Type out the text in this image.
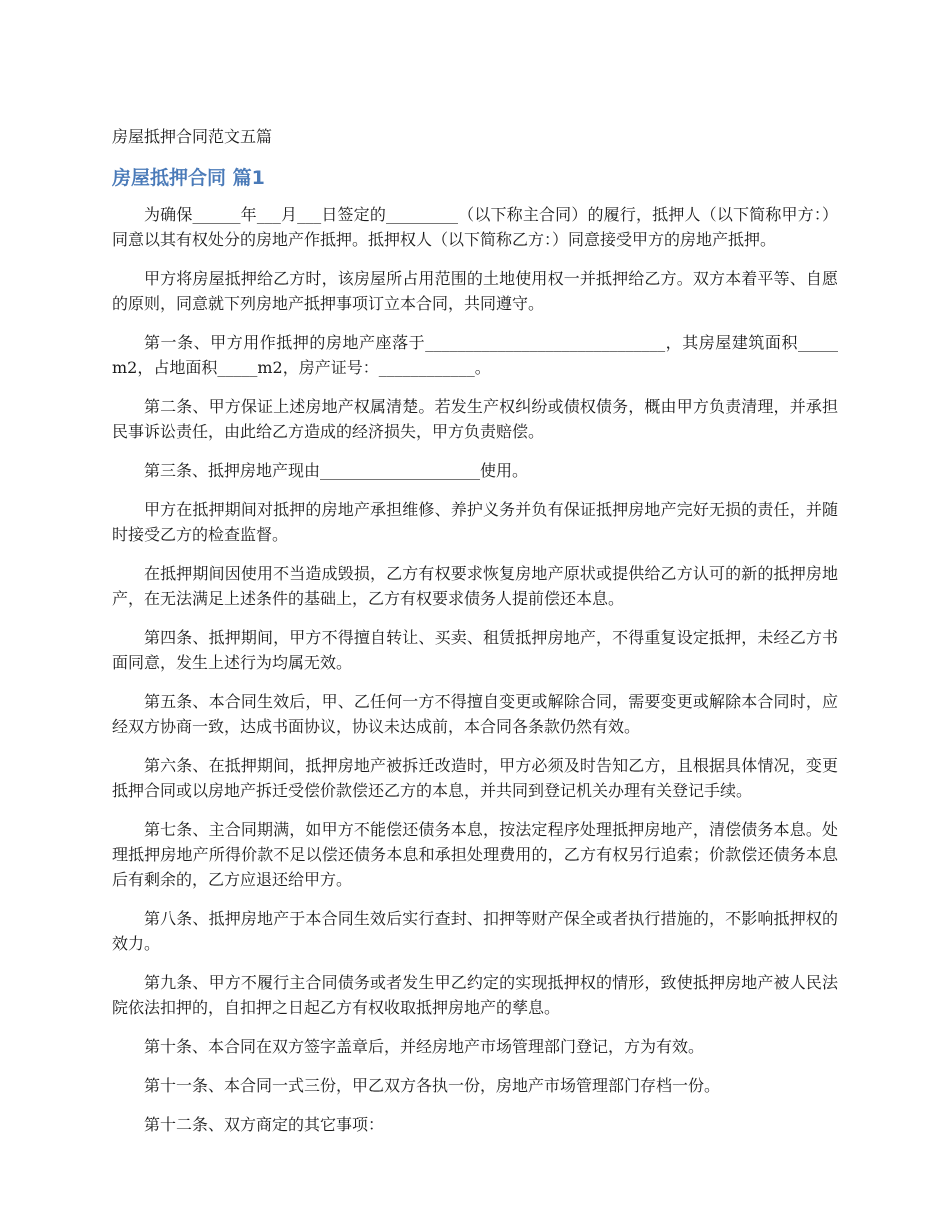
房屋抵押合同范文五篇
房屋抵押合同 篇1

为确保______年___月___日签定的_________（以下称主合同）的履行，抵押人（以下简称甲方：）同意以其有权处分的房地产作抵押。抵押权人（以下简称乙方：）同意接受甲方的房地产抵押。

甲方将房屋抵押给乙方时，该房屋所占用范围的土地使用权一并抵押给乙方。双方本着平等、自愿的原则，同意就下列房地产抵押事项订立本合同，共同遵守。

第一条、甲方用作抵押的房地产座落于______________________________，其房屋建筑面积_____m2，占地面积_____m2，房产证号：____________。

第二条、甲方保证上述房地产权属清楚。若发生产权纠纷或债权债务，概由甲方负责清理，并承担民事诉讼责任，由此给乙方造成的经济损失，甲方负责赔偿。

第三条、抵押房地产现由____________________使用。

甲方在抵押期间对抵押的房地产承担维修、养护义务并负有保证抵押房地产完好无损的责任，并随时接受乙方的检查监督。

在抵押期间因使用不当造成毁损，乙方有权要求恢复房地产原状或提供给乙方认可的新的抵押房地产，在无法满足上述条件的基础上，乙方有权要求债务人提前偿还本息。

第四条、抵押期间，甲方不得擅自转让、买卖、租赁抵押房地产，不得重复设定抵押，未经乙方书面同意，发生上述行为均属无效。

第五条、本合同生效后，甲、乙任何一方不得擅自变更或解除合同，需要变更或解除本合同时，应经双方协商一致，达成书面协议，协议未达成前，本合同各条款仍然有效。

第六条、在抵押期间，抵押房地产被拆迁改造时，甲方必须及时告知乙方，且根据具体情况，变更抵押合同或以房地产拆迁受偿价款偿还乙方的本息，并共同到登记机关办理有关登记手续。

第七条、主合同期满，如甲方不能偿还债务本息，按法定程序处理抵押房地产，清偿债务本息。处理抵押房地产所得价款不足以偿还债务本息和承担处理费用的，乙方有权另行追索；价款偿还债务本息后有剩余的，乙方应退还给甲方。

第八条、抵押房地产于本合同生效后实行查封、扣押等财产保全或者执行措施的，不影响抵押权的效力。

第九条、甲方不履行主合同债务或者发生甲乙约定的实现抵押权的情形，致使抵押房地产被人民法院依法扣押的，自扣押之日起乙方有权收取抵押房地产的孳息。

第十条、本合同在双方签字盖章后，并经房地产市场管理部门登记，方为有效。

第十一条、本合同一式三份，甲乙双方各执一份，房地产市场管理部门存档一份。

第十二条、双方商定的其它事项：
